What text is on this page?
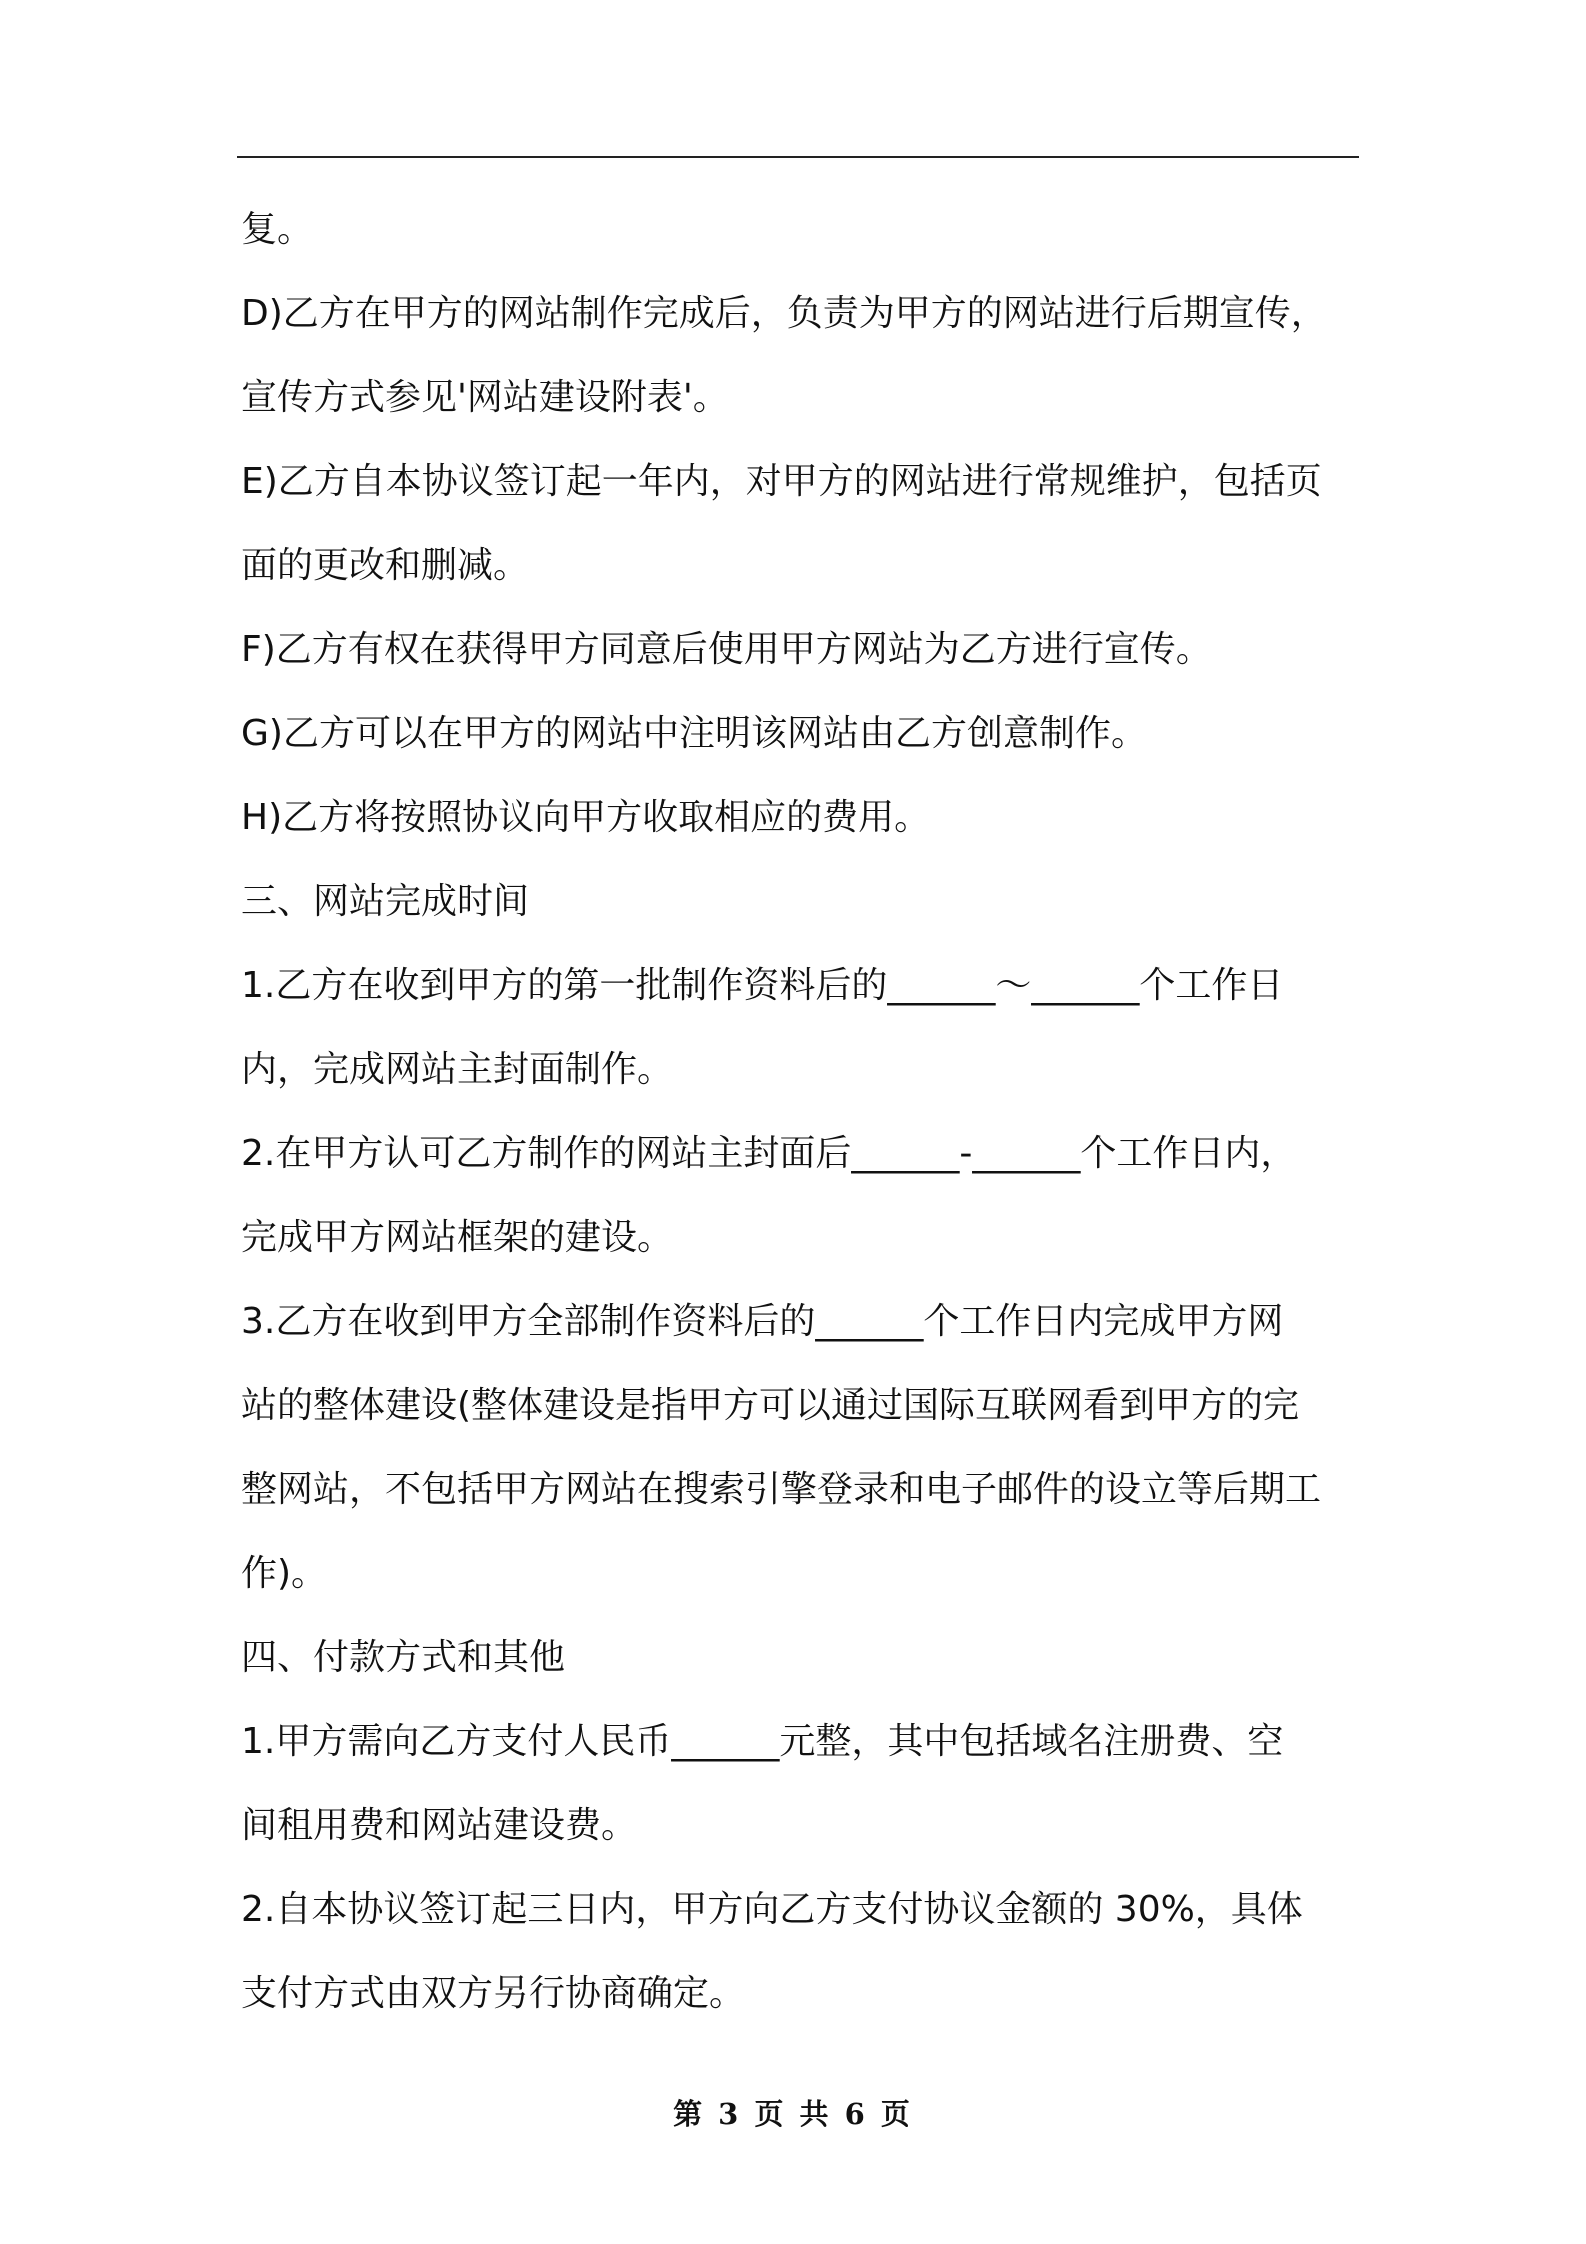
复。
D)乙方在甲方的网站制作完成后，负责为甲方的网站进行后期宣传，
宣传方式参见'网站建设附表'。
E)乙方自本协议签订起一年内，对甲方的网站进行常规维护，包括页
面的更改和删减。
F)乙方有权在获得甲方同意后使用甲方网站为乙方进行宣传。
G)乙方可以在甲方的网站中注明该网站由乙方创意制作。
H)乙方将按照协议向甲方收取相应的费用。
三、网站完成时间
1.乙方在收到甲方的第一批制作资料后的______～______个工作日
内，完成网站主封面制作。
2.在甲方认可乙方制作的网站主封面后______-______个工作日内，
完成甲方网站框架的建设。
3.乙方在收到甲方全部制作资料后的______个工作日内完成甲方网
站的整体建设(整体建设是指甲方可以通过国际互联网看到甲方的完
整网站，不包括甲方网站在搜索引擎登录和电子邮件的设立等后期工
作)。
四、付款方式和其他
1.甲方需向乙方支付人民币______元整，其中包括域名注册费、空
间租用费和网站建设费。
2.自本协议签订起三日内，甲方向乙方支付协议金额的 30%，具体
支付方式由双方另行协商确定。
第 3 页 共 6 页
